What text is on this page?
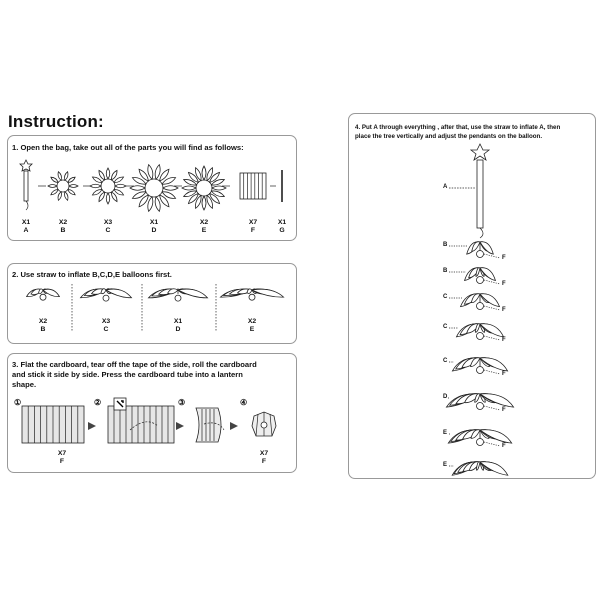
Instruction:
1. Open the bag, take out all of the parts you will find as follows:
X1
A
X2
B
X3
C
X1
D
X2
E
X7
F
X1
G
2. Use straw to inflate B,C,D,E balloons first.
X2
B
X3
C
X1
D
X2
E
3. Flat the cardboard, tear off the tape of the side, roll the cardboard
and stick it side by side. Press the cardboard tube into a lantern
shape.
①	②	③	④
X7
F
X7
F
4. Put A through everything , after that, use the straw to inflate A, then
place the tree vertically and adjust the pendants on the balloon.
A
B
F
B
F
C
F
C
F
C
F
D
F
E
F
E
